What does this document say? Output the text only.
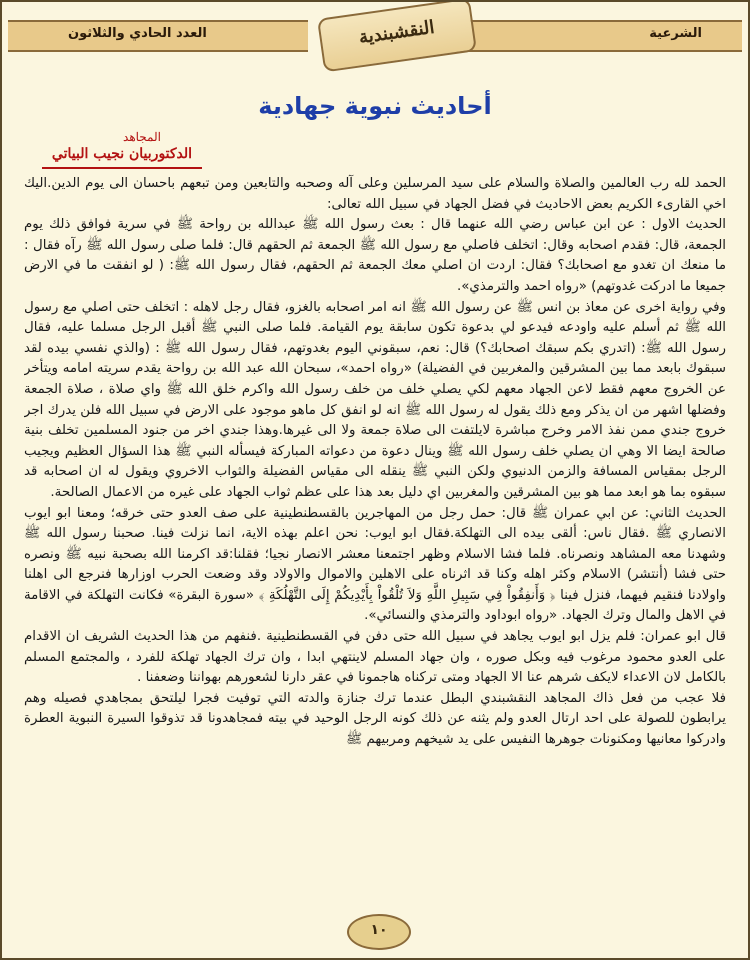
العدد الحادي والثلاثون	الشرعية
النقشبندية
أحاديث نبوية جهادية
المجاهد
الدكتوربيان نجيب البياتي

الحمد لله رب العالمين والصلاة والسلام على سيد المرسلين وعلى آله وصحبه والتابعين ومن تبعهم باحسان الى يوم الدين.اليك اخي القارىء الكريم بعض الاحاديث في فضل الجهاد في سبيل الله تعالى:

الحديث الاول : عن ابن عباس رضي الله عنهما قال : بعث رسول الله ﷺ عبدالله بن رواحة ﷺ في سرية فوافق ذلك يوم الجمعة، قال: فقدم اصحابه وقال: اتخلف فاصلي مع رسول الله ﷺ الجمعة ثم الحقهم قال: فلما صلى رسول الله ﷺ رآه فقال : ما منعك ان تغدو مع اصحابك؟ فقال: اردت ان اصلي معك الجمعة ثم الحقهم، فقال رسول الله ﷺ: ( لو انفقت ما في الارض جميعا ما ادركت غدوتهم) «رواه احمد والترمذي».

وفي رواية اخرى عن معاذ بن انس ﷺ عن رسول الله ﷺ انه امر اصحابه بالغزو، فقال رجل لاهله : اتخلف حتى اصلي مع رسول الله ﷺ ثم أسلم عليه واودعه فيدعو لي بدعوة تكون سابقة يوم القيامة. فلما صلى النبي ﷺ أقبل الرجل مسلما عليه، فقال رسول الله ﷺ: (اتدري بكم سبقك اصحابك؟) قال: نعم، سبقوني اليوم بغدوتهم، فقال رسول الله ﷺ : (والذي نفسي بيده لقد سبقوك بابعد مما بين المشرقين والمغربين في الفضيلة) «رواه احمد»، سبحان الله عبد الله بن رواحة يقدم سريته امامه ويتأخر عن الخروج معهم فقط لاعن الجهاد معهم لكي يصلي خلف من خلف رسول الله واكرم خلق الله ﷺ واي صلاة ، صلاة الجمعة وفضلها اشهر من ان يذكر ومع ذلك يقول له رسول الله ﷺ انه لو انفق كل ماهو موجود على الارض في سبيل الله فلن يدرك اجر خروج جندي ممن نفذ الامر وخرج مباشرة لايلتفت الى صلاة جمعة ولا الى غيرها.وهذا جندي اخر من جنود المسلمين تخلف بنية صالحة ايضا الا وهي ان يصلي خلف رسول الله ﷺ وينال دعوة من دعواته المباركة فيسأله النبي ﷺ هذا السؤال العظيم ويجيب الرجل بمقياس المسافة والزمن الدنيوي ولكن النبي ﷺ ينقله الى مقياس الفضيلة والثواب الاخروي ويقول له ان اصحابه قد سبقوه بما هو ابعد مما هو بين المشرقين والمغربين اي دليل بعد هذا على عظم ثواب الجهاد على غيره من الاعمال الصالحة.

الحديث الثاني: عن ابي عمران ﷺ قال: حمل رجل من المهاجرين بالقسطنطينية على صف العدو حتى خرقه؛ ومعنا ابو ايوب الانصاري ﷺ .فقال ناس: ألقى بيده الى التهلكة.فقال ابو ايوب: نحن اعلم بهذه الاية، انما نزلت فينا. صحبنا رسول الله ﷺ وشهدنا معه المشاهد ونصرناه. فلما فشا الاسلام وظهر اجتمعنا معشر الانصار نجيا؛ فقلنا:قد اكرمنا الله بصحبة نبيه ﷺ ونصره حتى فشا (أنتشر) الاسلام وكثر اهله وكنا قد اثرناه على الاهلين والاموال والاولاد وقد وضعت الحرب اوزارها فنرجع الى اهلنا واولادنا فنقيم فيهما، فنزل فينا ﴿ وَأَنفِقُواْ فِي سَبِيلِ اللَّهِ وَلاَ تُلْقُواْ بِأَيْدِيكُمْ إِلَى التَّهْلُكَةِ ﴾ «سورة البقرة» فكانت التهلكة في الاقامة في الاهل والمال وترك الجهاد. «رواه ابوداود والترمذي والنسائي».

قال ابو عمران: فلم يزل ابو ايوب يجاهد في سبيل الله حتى دفن في القسطنطينية .فنفهم من هذا الحديث الشريف ان الاقدام على العدو محمود مرغوب فيه وبكل صوره ، وان جهاد المسلم لاينتهي ابدا ، وان ترك الجهاد تهلكة للفرد ، والمجتمع المسلم بالكامل لان الاعداء لايكف شرهم عنا الا الجهاد ومتى تركناه هاجمونا في عقر دارنا لشعورهم بهواننا وضعفنا .

فلا عجب من فعل ذاك المجاهد النقشبندي البطل عندما ترك جنازة والدته التي توفيت فجرا ليلتحق بمجاهدي فصيله وهم يرابطون للصولة على احد ارتال العدو ولم يثنه عن ذلك كونه الرجل الوحيد في بيته فمجاهدونا قد تذوقوا السيرة النبوية العطرة وادركوا معانيها ومكنونات جوهرها النفيس على يد شيخهم ومربيهم ﷺ

١٠
